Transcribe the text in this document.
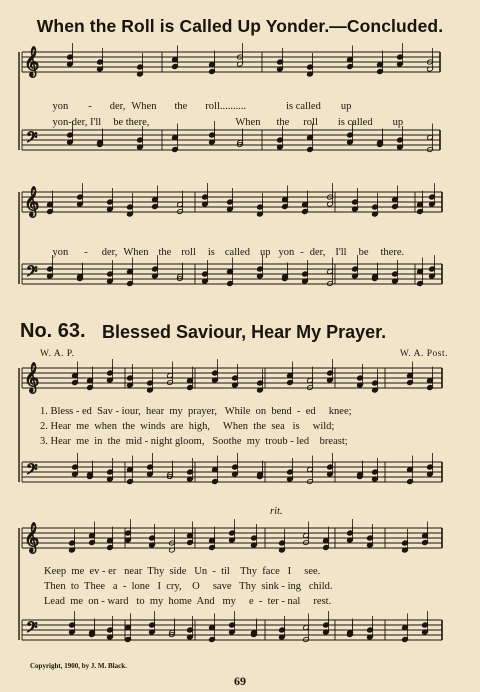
When the Roll is Called Up Yonder.—Concluded.
𝄞
𝄢
𝄞
𝄢
𝄞
𝄢
𝄞
𝄢

yon - der, When the roll..........	is called up

yon-der, I'll be there,	When the roll is called up

yon - der, When the roll is called up yon - der, I'll be there.

No. 63. Blessed Saviour, Hear My Prayer.
W. A. P.	W. A. Post.
1. Bless - ed  Sav - iour,  hear  my  prayer,   While  on  bend  -  ed     knee;
2. Hear  me  when  the  winds  are  high,     When  the  sea   is     wild;
3. Hear  me  in  the  mid - night gloom,   Soothe  my  troub - led    breast;
rit.
Keep  me  ev - er   near  Thy  side   Un  -  til    Thy  face   I     see.
Then  to  Thee   a  -  lone   I  cry,    O     save   Thy  sink - ing   child.
Lead  me  on - ward   to  my  home  And   my     e  -  ter - nal     rest.
Copyright, 1900, by J. M. Black.
69
